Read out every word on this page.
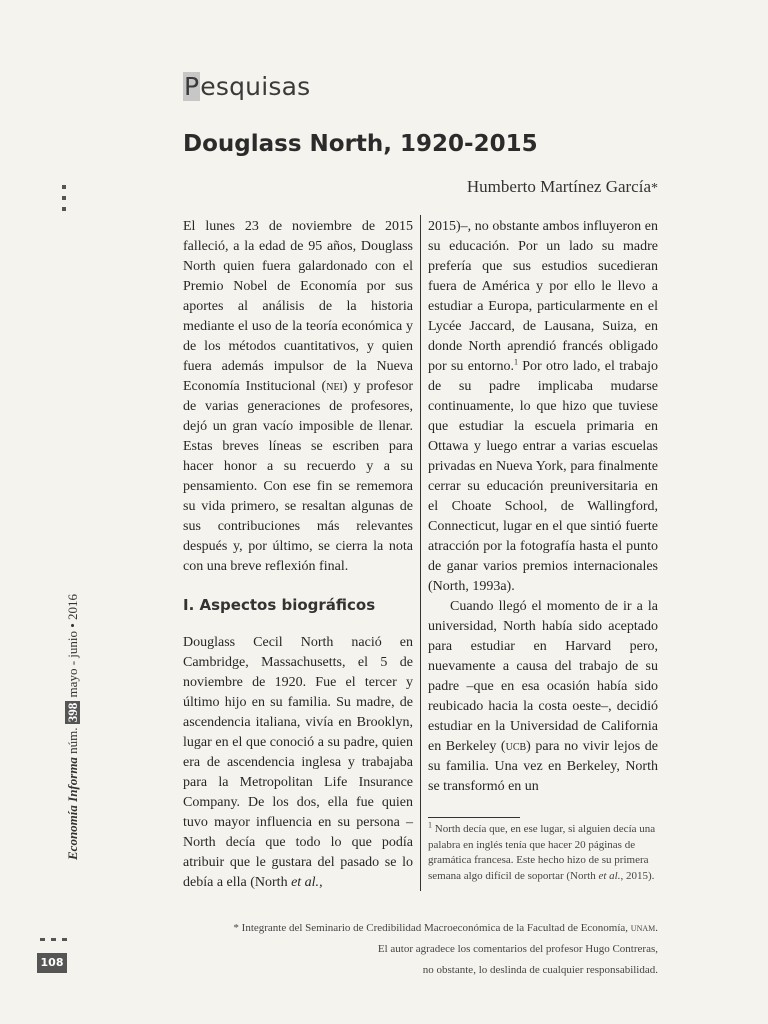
Pesquisas
Douglass North, 1920-2015
Humberto Martínez García*
Economía Informa núm. 398 mayo - junio • 2016
108

El lunes 23 de noviembre de 2015 falleció, a la edad de 95 años, Douglass North quien fuera galardonado con el Premio Nobel de Economía por sus aportes al análisis de la historia mediante el uso de la teoría económica y de los métodos cuantitativos, y quien fuera además impulsor de la Nueva Economía Institucional (nei) y profesor de varias generaciones de profesores, dejó un gran vacío imposible de llenar. Estas breves líneas se escriben para hacer honor a su recuerdo y a su pensamiento. Con ese fin se rememora su vida primero, se resaltan algunas de sus contribuciones más relevantes después y, por último, se cierra la nota con una breve reflexión final.

I. Aspectos biográficos

Douglass Cecil North nació en Cambridge, Massachusetts, el 5 de noviembre de 1920. Fue el tercer y último hijo en su familia. Su madre, de ascendencia italiana, vivía en Brooklyn, lugar en el que conoció a su padre, quien era de ascendencia inglesa y trabajaba para la Metropolitan Life Insurance Company. De los dos, ella fue quien tuvo mayor influencia en su persona –North decía que todo lo que podía atribuir que le gustara del pasado se lo debía a ella (North et al.,

2015)–, no obstante ambos influyeron en su educación. Por un lado su madre prefería que sus estudios sucedieran fuera de América y por ello le llevo a estudiar a Europa, particularmente en el Lycée Jaccard, de Lausana, Suiza, en donde North aprendió francés obligado por su entorno.$^1$ Por otro lado, el trabajo de su padre implicaba mudarse continuamente, lo que hizo que tuviese que estudiar la escuela primaria en Ottawa y luego entrar a varias escuelas privadas en Nueva York, para finalmente cerrar su educación preuniversitaria en el Choate School, de Wallingford, Connecticut, lugar en el que sintió fuerte atracción por la fotografía hasta el punto de ganar varios premios internacionales (North, 1993a).

Cuando llegó el momento de ir a la universidad, North había sido aceptado para estudiar en Harvard pero, nuevamente a causa del trabajo de su padre –que en esa ocasión había sido reubicado hacia la costa oeste–, decidió estudiar en la Universidad de California en Berkeley (ucb) para no vivir lejos de su familia. Una vez en Berkeley, North se transformó en un

$^1$ North decía que, en ese lugar, si alguien decía una palabra en inglés tenía que hacer 20 páginas de gramática francesa. Este hecho hizo de su primera semana algo difícil de soportar (North et al., 2015).
* Integrante del Seminario de Credibilidad Macroeconómica de la Facultad de Economía, unam.
El autor agradece los comentarios del profesor Hugo Contreras,
no obstante, lo deslinda de cualquier responsabilidad.
